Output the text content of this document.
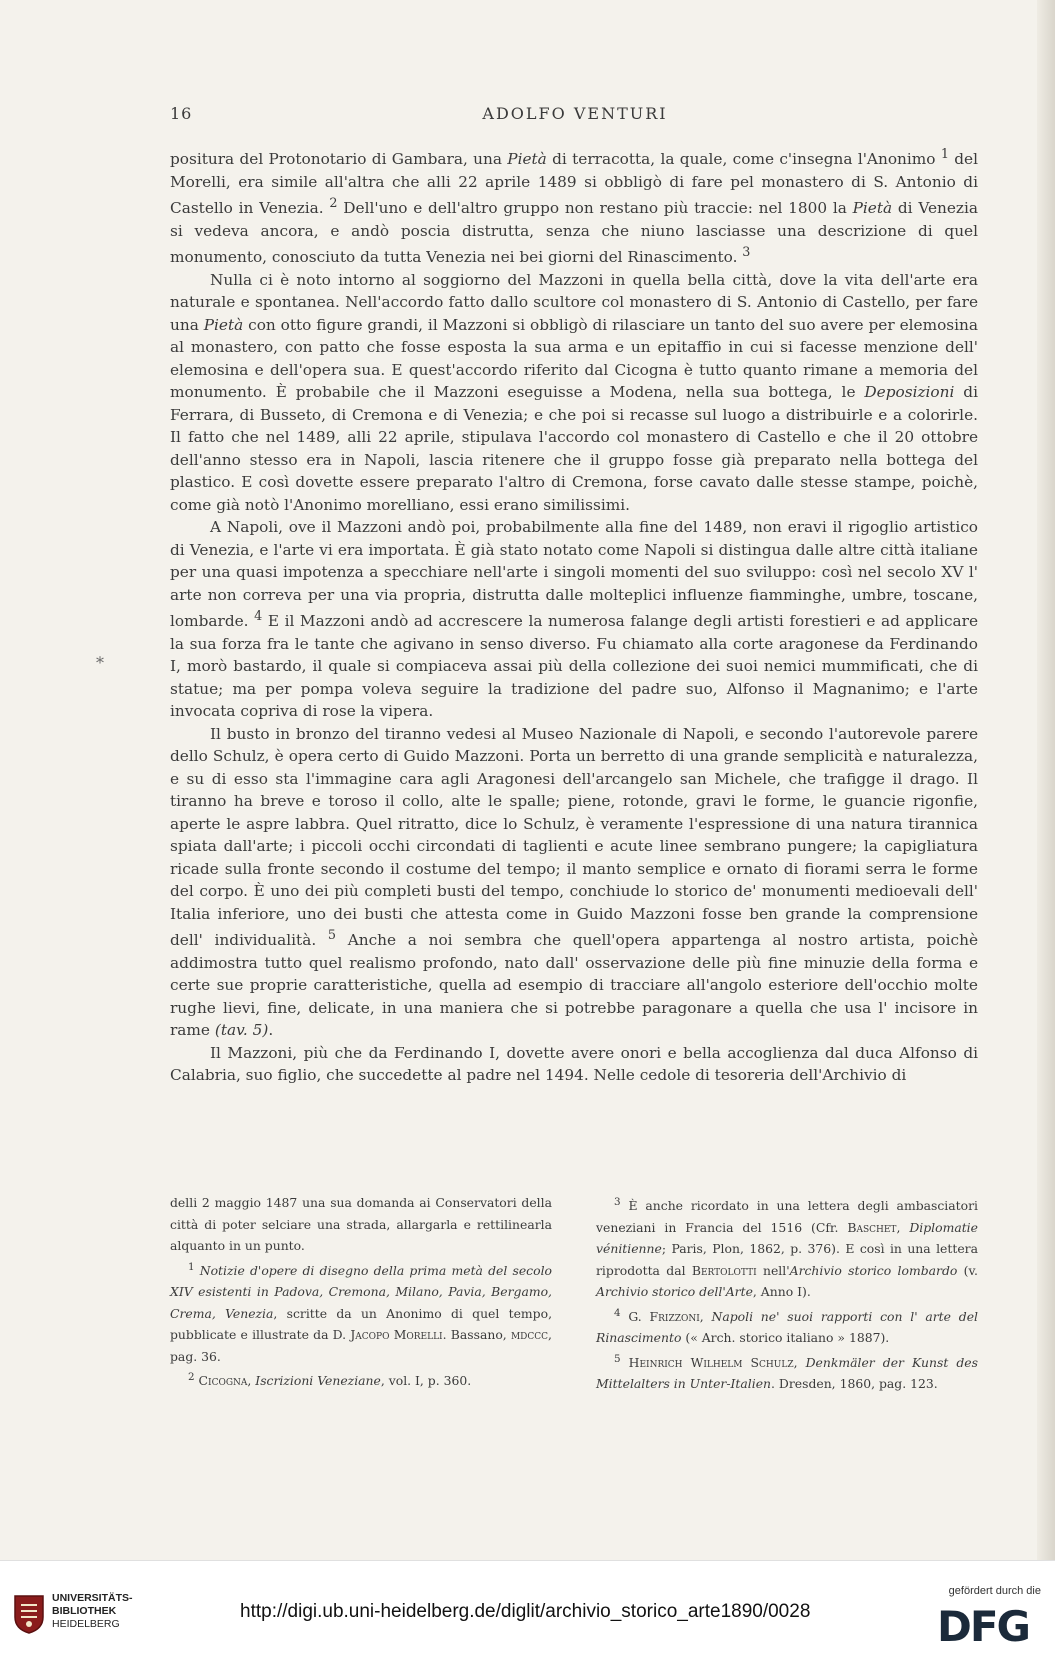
16	ADOLFO VENTURI
⁎

positura del Protonotario di Gambara, una Pietà di terracotta, la quale, come c'insegna l'Anonimo $^1$ del Morelli, era simile all'altra che alli 22 aprile 1489 si obbligò di fare pel monastero di S. Antonio di Castello in Venezia. $^2$ Dell'uno e dell'altro gruppo non restano più traccie: nel 1800 la Pietà di Venezia si vedeva ancora, e andò poscia distrutta, senza che niuno lasciasse una descrizione di quel monumento, conosciuto da tutta Venezia nei bei giorni del Rinascimento. $^3$

Nulla ci è noto intorno al soggiorno del Mazzoni in quella bella città, dove la vita dell'arte era naturale e spontanea. Nell'accordo fatto dallo scultore col monastero di S. Antonio di Castello, per fare una Pietà con otto figure grandi, il Mazzoni si obbligò di rilasciare un tanto del suo avere per elemosina al monastero, con patto che fosse esposta la sua arma e un epitaffio in cui si facesse menzione dell' elemosina e dell'opera sua. E quest'accordo riferito dal Cicogna è tutto quanto rimane a memoria del monumento. È probabile che il Mazzoni eseguisse a Modena, nella sua bottega, le Deposizioni di Ferrara, di Busseto, di Cremona e di Venezia; e che poi si recasse sul luogo a distribuirle e a colorirle. Il fatto che nel 1489, alli 22 aprile, stipulava l'accordo col monastero di Castello e che il 20 ottobre dell'anno stesso era in Napoli, lascia ritenere che il gruppo fosse già preparato nella bottega del plastico. E così dovette essere preparato l'altro di Cremona, forse cavato dalle stesse stampe, poichè, come già notò l'Anonimo morelliano, essi erano similissimi.

A Napoli, ove il Mazzoni andò poi, probabilmente alla fine del 1489, non eravi il rigoglio artistico di Venezia, e l'arte vi era importata. È già stato notato come Napoli si distingua dalle altre città italiane per una quasi impotenza a specchiare nell'arte i singoli momenti del suo sviluppo: così nel secolo XV l' arte non correva per una via propria, distrutta dalle molteplici influenze fiamminghe, umbre, toscane, lombarde. $^4$ E il Mazzoni andò ad accrescere la numerosa falange degli artisti forestieri e ad applicare la sua forza fra le tante che agivano in senso diverso. Fu chiamato alla corte aragonese da Ferdinando I, morò bastardo, il quale si compiaceva assai più della collezione dei suoi nemici mummificati, che di statue; ma per pompa voleva seguire la tradizione del padre suo, Alfonso il Magnanimo; e l'arte invocata copriva di rose la vipera.

Il busto in bronzo del tiranno vedesi al Museo Nazionale di Napoli, e secondo l'autorevole parere dello Schulz, è opera certo di Guido Mazzoni. Porta un berretto di una grande semplicità e naturalezza, e su di esso sta l'immagine cara agli Aragonesi dell'arcangelo san Michele, che trafigge il drago. Il tiranno ha breve e toroso il collo, alte le spalle; piene, rotonde, gravi le forme, le guancie rigonfie, aperte le aspre labbra. Quel ritratto, dice lo Schulz, è veramente l'espressione di una natura tirannica spiata dall'arte; i piccoli occhi circondati di taglienti e acute linee sembrano pungere; la capigliatura ricade sulla fronte secondo il costume del tempo; il manto semplice e ornato di fiorami serra le forme del corpo. È uno dei più completi busti del tempo, conchiude lo storico de' monumenti medioevali dell' Italia inferiore, uno dei busti che attesta come in Guido Mazzoni fosse ben grande la comprensione dell' individualità. $^5$ Anche a noi sembra che quell'opera appartenga al nostro artista, poichè addimostra tutto quel realismo profondo, nato dall' osservazione delle più fine minuzie della forma e certe sue proprie caratteristiche, quella ad esempio di tracciare all'angolo esteriore dell'occhio molte rughe lievi, fine, delicate, in una maniera che si potrebbe paragonare a quella che usa l' incisore in rame (tav. 5).

Il Mazzoni, più che da Ferdinando I, dovette avere onori e bella accoglienza dal duca Alfonso di Calabria, suo figlio, che succedette al padre nel 1494. Nelle cedole di tesoreria dell'Archivio di

delli 2 maggio 1487 una sua domanda ai Conservatori della città di poter selciare una strada, allargarla e rettilinearla alquanto in un punto.

$^1$ Notizie d'opere di disegno della prima metà del secolo XIV esistenti in Padova, Cremona, Milano, Pavia, Bergamo, Crema, Venezia, scritte da un Anonimo di quel tempo, pubblicate e illustrate da D. Jacopo Morelli. Bassano, mdccc, pag. 36.

$^2$ Cicogna, Iscrizioni Veneziane, vol. I, p. 360.

$^3$ È anche ricordato in una lettera degli ambasciatori veneziani in Francia del 1516 (Cfr. Baschet, Diplomatie vénitienne; Paris, Plon, 1862, p. 376). E così in una lettera riprodotta dal Bertolotti nell'Archivio storico lombardo (v. Archivio storico dell'Arte, Anno I).

$^4$ G. Frizzoni, Napoli ne' suoi rapporti con l' arte del Rinascimento (« Arch. storico italiano » 1887).

$^5$ Heinrich Wilhelm Schulz, Denkmäler der Kunst des Mittelalters in Unter-Italien. Dresden, 1860, pag. 123.

UNIVERSITÄTS-
BIBLIOTHEK
HEIDELBERG
http://digi.ub.uni-heidelberg.de/diglit/archivio_storico_arte1890/0028
gefördert durch die
DFG
